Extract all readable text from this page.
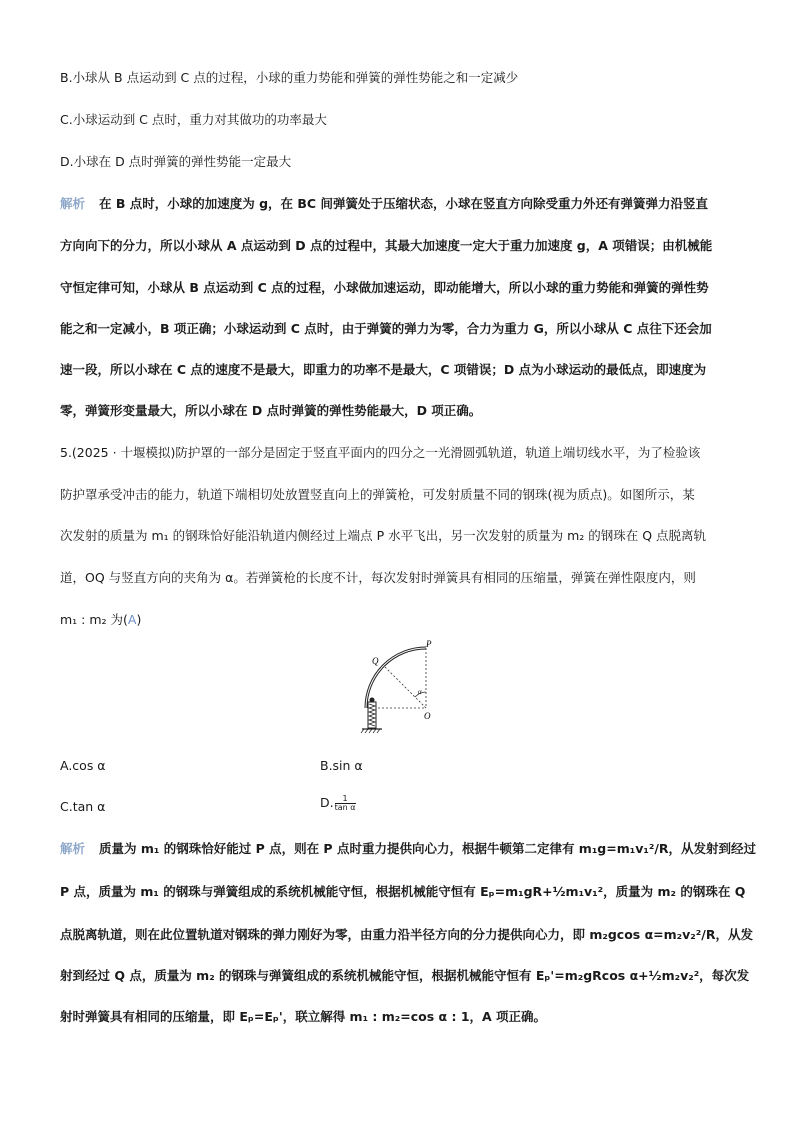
B.小球从 B 点运动到 C 点的过程，小球的重力势能和弹簧的弹性势能之和一定减少
C.小球运动到 C 点时，重力对其做功的功率最大
D.小球在 D 点时弹簧的弹性势能一定最大
解析 在 B 点时，小球的加速度为 g，在 BC 间弹簧处于压缩状态，小球在竖直方向除受重力外还有弹簧弹力沿竖直
方向向下的分力，所以小球从 A 点运动到 D 点的过程中，其最大加速度一定大于重力加速度 g，A 项错误；由机械能
守恒定律可知，小球从 B 点运动到 C 点的过程，小球做加速运动，即动能增大，所以小球的重力势能和弹簧的弹性势
能之和一定减小，B 项正确；小球运动到 C 点时，由于弹簧的弹力为零，合力为重力 G，所以小球从 C 点往下还会加
速一段，所以小球在 C 点的速度不是最大，即重力的功率不是最大，C 项错误；D 点为小球运动的最低点，即速度为
零，弹簧形变量最大，所以小球在 D 点时弹簧的弹性势能最大，D 项正确。
5.(2025 · 十堰模拟)防护罩的一部分是固定于竖直平面内的四分之一光滑圆弧轨道，轨道上端切线水平，为了检验该
防护罩承受冲击的能力，轨道下端相切处放置竖直向上的弹簧枪，可发射质量不同的钢珠(视为质点)。如图所示，某
次发射的质量为 m₁ 的钢珠恰好能沿轨道内侧经过上端点 P 水平飞出，另一次发射的质量为 m₂ 的钢珠在 Q 点脱离轨
道，OQ 与竖直方向的夹角为 α。若弹簧枪的长度不计，每次发射时弹簧具有相同的压缩量，弹簧在弹性限度内，则
m₁ : m₂ 为(A)
P
Q
O
α
A.cos α	B.sin α
C.tan α	D. $\frac{1}{\text{tan α}}$
解析 质量为 m₁ 的钢珠恰好能过 P 点，则在 P 点时重力提供向心力，根据牛顿第二定律有 m₁g=m₁v₁²/R，从发射到经过
P 点，质量为 m₁ 的钢珠与弹簧组成的系统机械能守恒，根据机械能守恒有 Eₚ=m₁gR+½m₁v₁²，质量为 m₂ 的钢珠在 Q
点脱离轨道，则在此位置轨道对钢珠的弹力刚好为零，由重力沿半径方向的分力提供向心力，即 m₂gcos α=m₂v₂²/R，从发
射到经过 Q 点，质量为 m₂ 的钢珠与弹簧组成的系统机械能守恒，根据机械能守恒有 Eₚ'=m₂gRcos α+½m₂v₂²，每次发
射时弹簧具有相同的压缩量，即 Eₚ=Eₚ'，联立解得 m₁ : m₂=cos α : 1，A 项正确。
